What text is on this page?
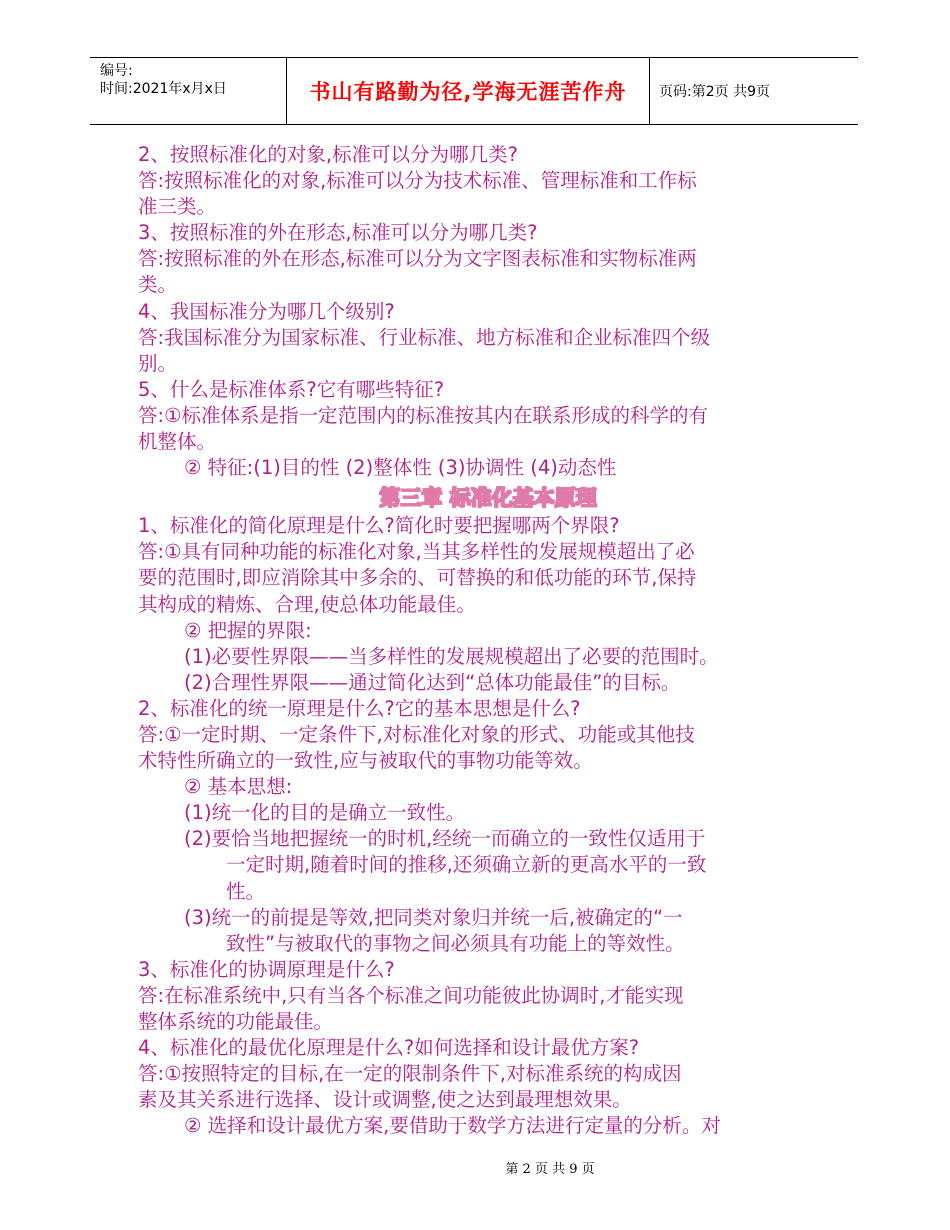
编号:
时间:2021年x月x日	书山有路勤为径,学海无涯苦作舟 页码:第2页 共9页
2、按照标准化的对象,标准可以分为哪几类?
答:按照标准化的对象,标准可以分为技术标准、管理标准和工作标
准三类。
3、按照标准的外在形态,标准可以分为哪几类?
答:按照标准的外在形态,标准可以分为文字图表标准和实物标准两
类。
4、我国标准分为哪几个级别?
答:我国标准分为国家标准、行业标准、地方标准和企业标准四个级
别。
5、什么是标准体系?它有哪些特征?
答:①标准体系是指一定范围内的标准按其内在联系形成的科学的有
机整体。
② 特征:(1)目的性 (2)整体性 (3)协调性 (4)动态性
第三章 标准化基本原理
1、标准化的简化原理是什么?简化时要把握哪两个界限?
答:①具有同种功能的标准化对象,当其多样性的发展规模超出了必
要的范围时,即应消除其中多余的、可替换的和低功能的环节,保持
其构成的精炼、合理,使总体功能最佳。
② 把握的界限:
(1)必要性界限——当多样性的发展规模超出了必要的范围时。
(2)合理性界限——通过简化达到“总体功能最佳”的目标。
2、标准化的统一原理是什么?它的基本思想是什么?
答:①一定时期、一定条件下,对标准化对象的形式、功能或其他技
术特性所确立的一致性,应与被取代的事物功能等效。
② 基本思想:
(1)统一化的目的是确立一致性。
(2)要恰当地把握统一的时机,经统一而确立的一致性仅适用于
一定时期,随着时间的推移,还须确立新的更高水平的一致
性。
(3)统一的前提是等效,把同类对象归并统一后,被确定的“一
致性”与被取代的事物之间必须具有功能上的等效性。
3、标准化的协调原理是什么?
答:在标准系统中,只有当各个标准之间功能彼此协调时,才能实现
整体系统的功能最佳。
4、标准化的最优化原理是什么?如何选择和设计最优方案?
答:①按照特定的目标,在一定的限制条件下,对标准系统的构成因
素及其关系进行选择、设计或调整,使之达到最理想效果。
② 选择和设计最优方案,要借助于数学方法进行定量的分析。对
第 2 页 共 9 页
